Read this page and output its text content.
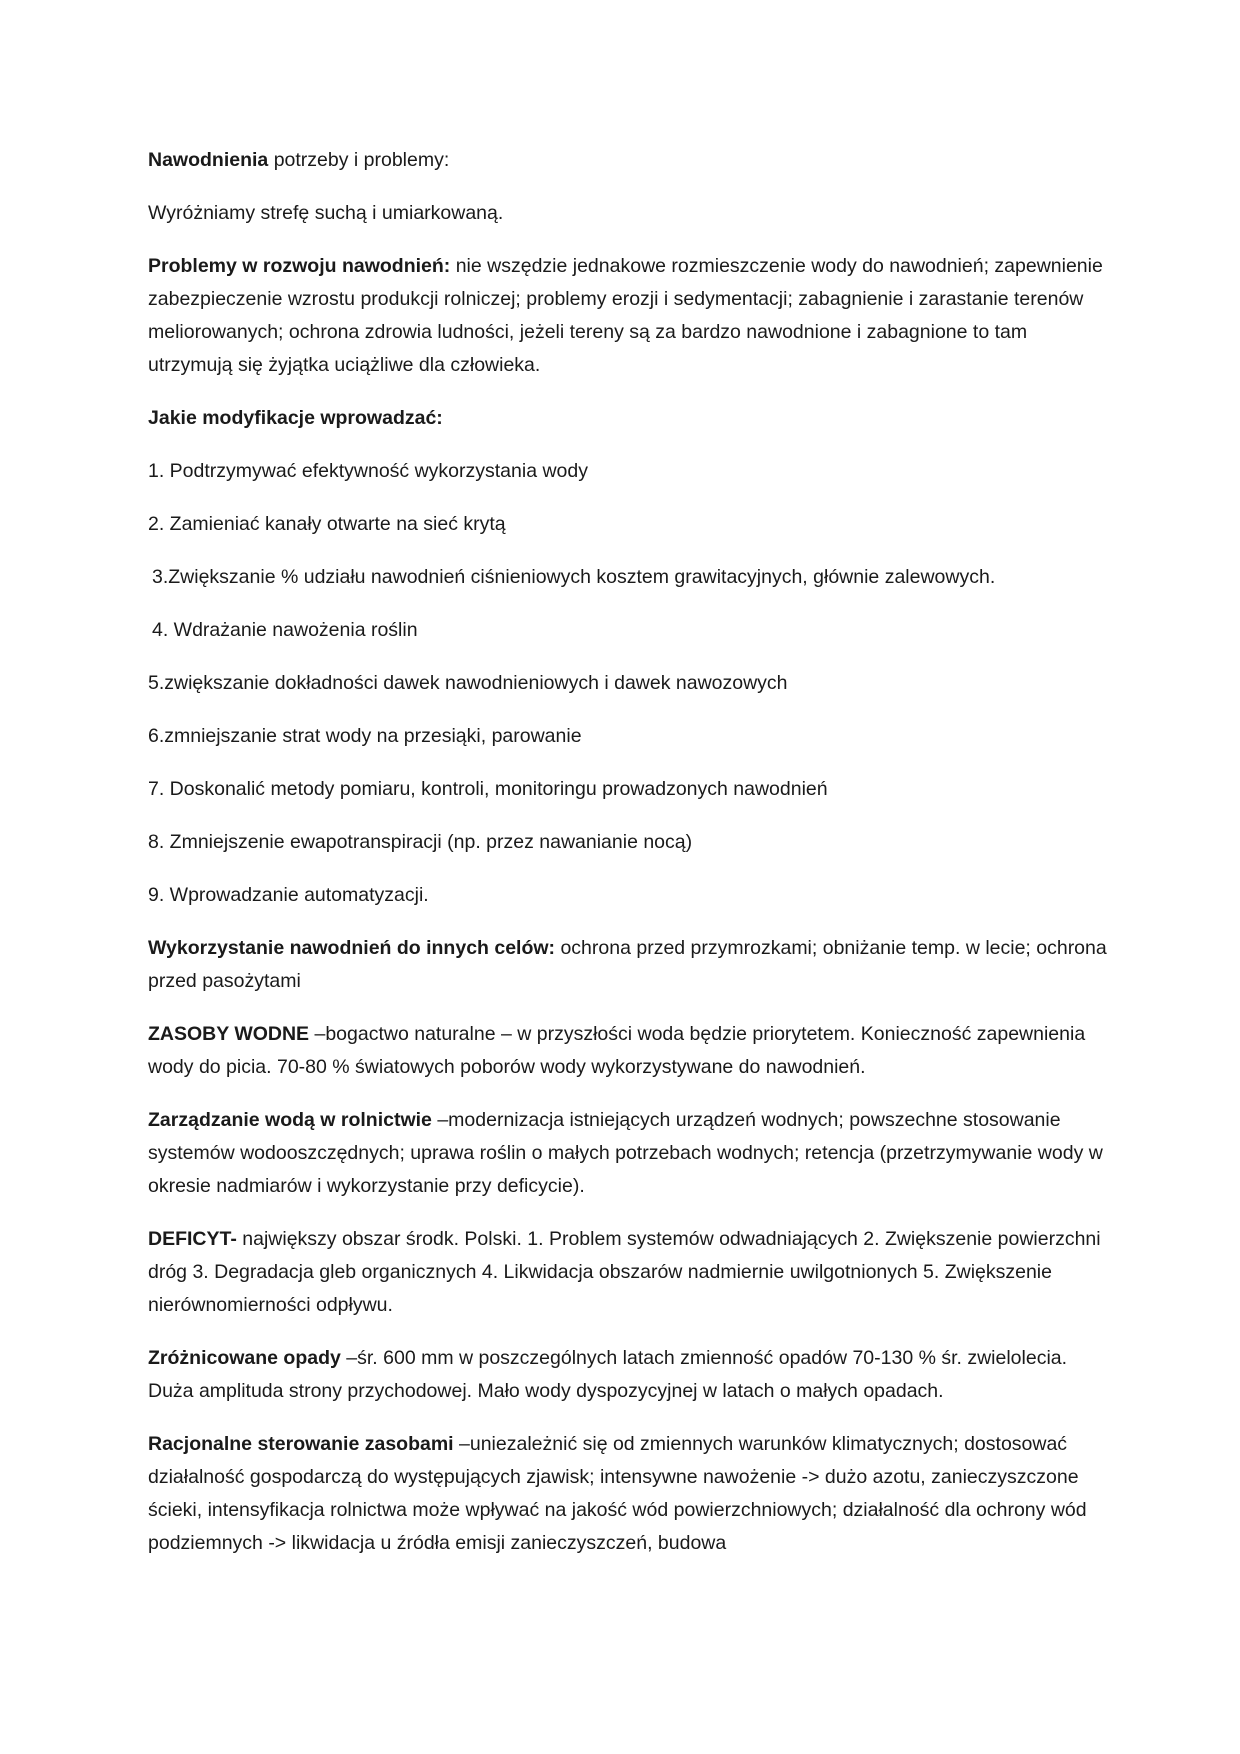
Nawodnienia potrzeby i problemy:

Wyróżniamy strefę suchą i umiarkowaną.

Problemy w rozwoju nawodnień: nie wszędzie jednakowe rozmieszczenie wody do nawodnień; zapewnienie zabezpieczenie wzrostu produkcji rolniczej; problemy erozji i sedymentacji; zabagnienie i zarastanie terenów meliorowanych; ochrona zdrowia ludności, jeżeli tereny są za bardzo nawodnione i zabagnione to tam utrzymują się żyjątka uciążliwe dla człowieka.

Jakie modyfikacje wprowadzać:

1. Podtrzymywać efektywność wykorzystania wody

2. Zamieniać kanały otwarte na sieć krytą

3.Zwiększanie % udziału nawodnień ciśnieniowych kosztem grawitacyjnych, głównie zalewowych.

4. Wdrażanie nawożenia roślin

5.zwiększanie dokładności dawek nawodnieniowych i dawek nawozowych

6.zmniejszanie strat wody na przesiąki, parowanie

7. Doskonalić metody pomiaru, kontroli, monitoringu prowadzonych nawodnień

8. Zmniejszenie ewapotranspiracji (np. przez nawanianie nocą)

9. Wprowadzanie automatyzacji.

Wykorzystanie nawodnień do innych celów: ochrona przed przymrozkami; obniżanie temp. w lecie; ochrona przed pasożytami

ZASOBY WODNE –bogactwo naturalne – w przyszłości woda będzie priorytetem. Konieczność zapewnienia wody do picia. 70-80 % światowych poborów wody wykorzystywane do nawodnień.

Zarządzanie wodą w rolnictwie –modernizacja istniejących urządzeń wodnych; powszechne stosowanie systemów wodooszczędnych; uprawa roślin o małych potrzebach wodnych; retencja (przetrzymywanie wody w okresie nadmiarów i wykorzystanie przy deficycie).

DEFICYT- największy obszar środk. Polski. 1. Problem systemów odwadniających 2. Zwiększenie powierzchni dróg 3. Degradacja gleb organicznych 4. Likwidacja obszarów nadmiernie uwilgotnionych 5. Zwiększenie nierównomierności odpływu.

Zróżnicowane opady –śr. 600 mm w poszczególnych latach zmienność opadów 70-130 % śr. zwielolecia. Duża amplituda strony przychodowej. Mało wody dyspozycyjnej w latach o małych opadach.

Racjonalne sterowanie zasobami –uniezależnić się od zmiennych warunków klimatycznych; dostosować działalność gospodarczą do występujących zjawisk; intensywne nawożenie -> dużo azotu, zanieczyszczone ścieki, intensyfikacja rolnictwa może wpływać na jakość wód powierzchniowych; działalność dla ochrony wód podziemnych -> likwidacja u źródła emisji zanieczyszczeń, budowa
